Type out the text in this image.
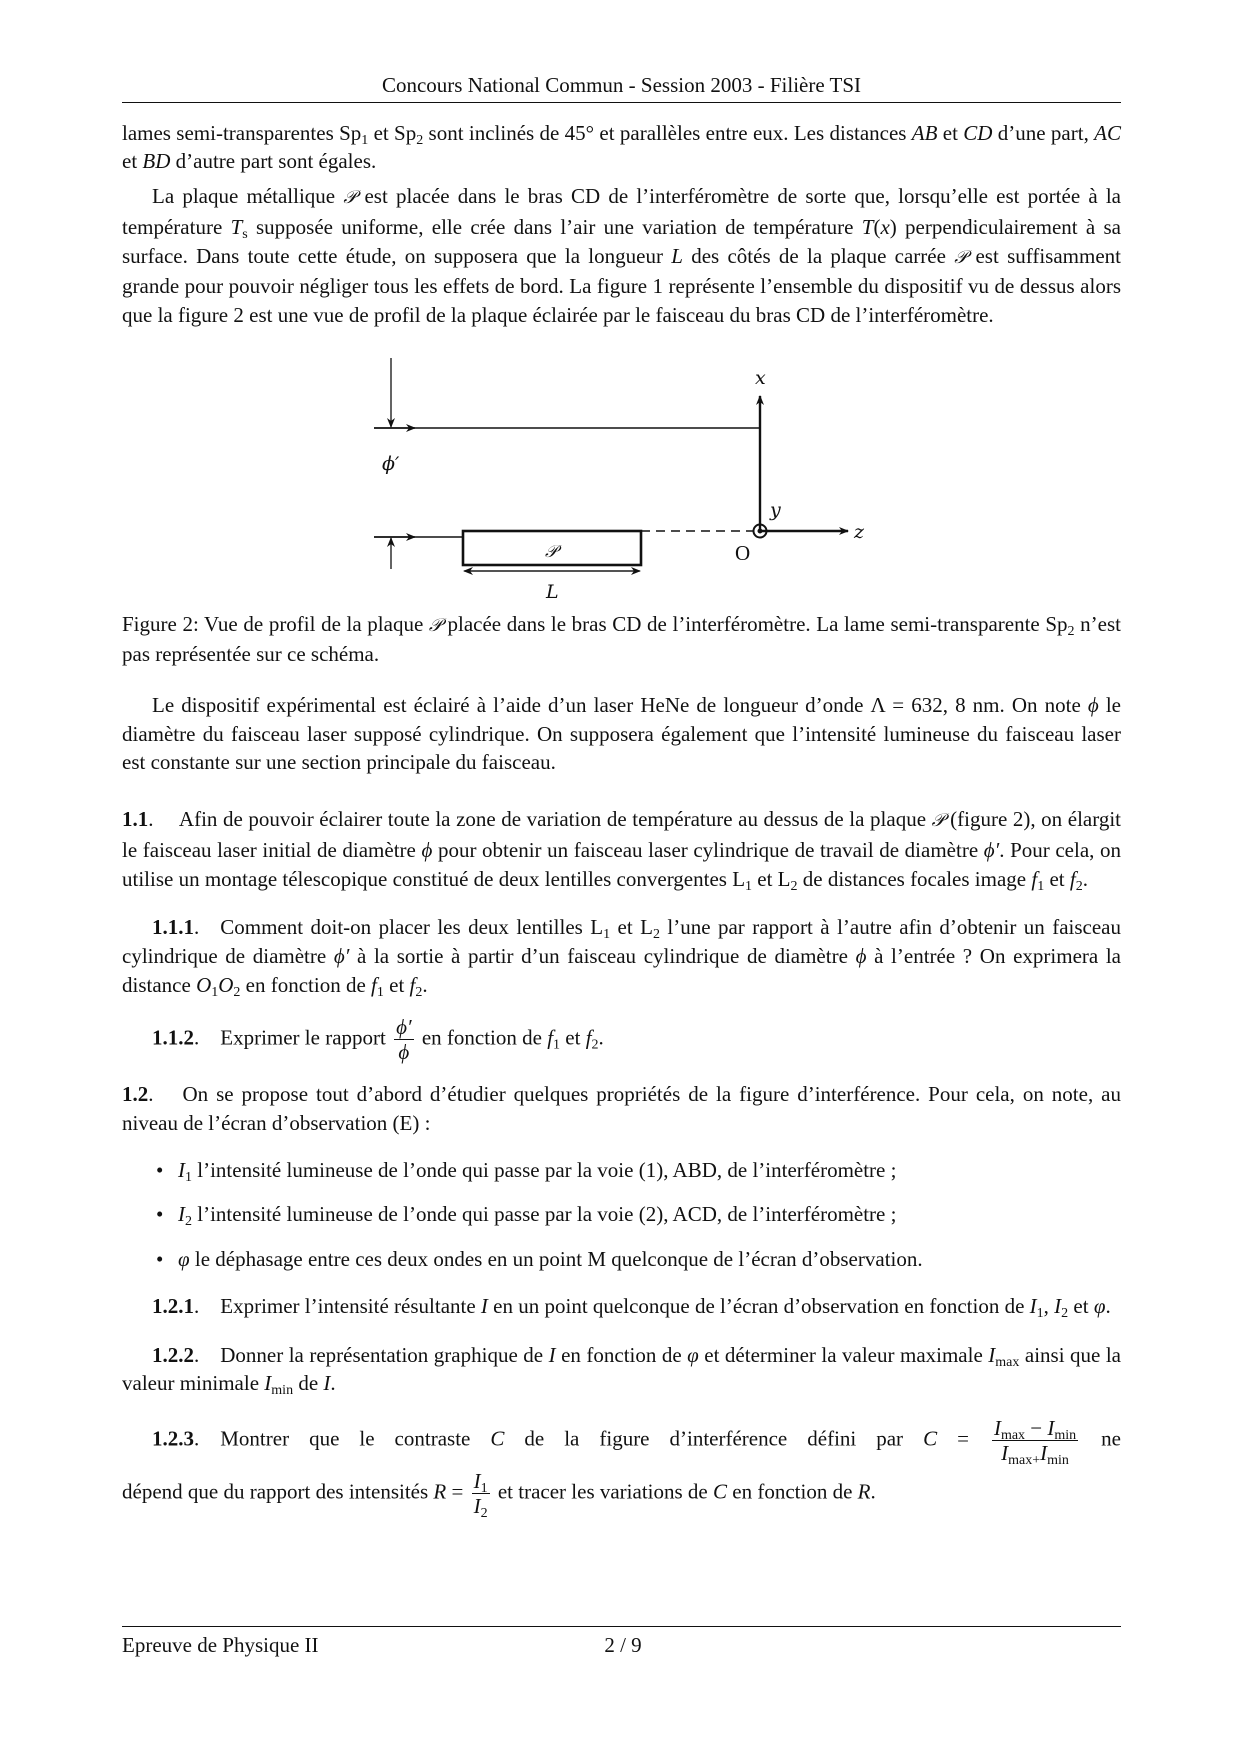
Concours National Commun - Session 2003 - Filière TSI
lames semi-transparentes $Sp_1$ et $Sp_2$ sont inclinés de 45° et parallèles entre eux. Les distances AB et CD d’une part, AC et BD d’autre part sont égales.
La plaque métallique 𝒫 est placée dans le bras CD de l’interféromètre de sorte que, lorsqu’elle est portée à la température $T_s$ supposée uniforme, elle crée dans l’air une variation de température T(x) perpendiculairement à sa surface. Dans toute cette étude, on supposera que la longueur L des côtés de la plaque carrée 𝒫 est suffisamment grande pour pouvoir négliger tous les effets de bord. La figure 1 représente l’ensemble du dispositif vu de dessus alors que la figure 2 est une vue de profil de la plaque éclairée par le faisceau du bras CD de l’interféromètre.
x
y
z
O
𝒫
L
ϕ′
Figure 2: Vue de profil de la plaque 𝒫 placée dans le bras CD de l’interféromètre. La lame semi-transparente $Sp_2$ n’est pas représentée sur ce schéma.
Le dispositif expérimental est éclairé à l’aide d’un laser HeNe de longueur d’onde Λ = 632, 8 nm. On note ϕ le diamètre du faisceau laser supposé cylindrique. On supposera également que l’intensité lumineuse du faisceau laser est constante sur une section principale du faisceau.
1.1.  Afin de pouvoir éclairer toute la zone de variation de température au dessus de la plaque 𝒫 (figure 2), on élargit le faisceau laser initial de diamètre ϕ pour obtenir un faisceau laser cylindrique de travail de diamètre ϕ′. Pour cela, on utilise un montage télescopique constitué de deux lentilles convergentes $L_1$ et $L_2$ de distances focales image $f_1$ et $f_2$.
1.1.1. Comment doit-on placer les deux lentilles $L_1$ et $L_2$ l’une par rapport à l’autre afin d’obtenir un faisceau cylindrique de diamètre ϕ′ à la sortie à partir d’un faisceau cylindrique de diamètre ϕ à l’entrée ? On exprimera la distance $O_1O_2$ en fonction de $f_1$ et $f_2$.
1.1.2. Exprimer le rapport $\frac{\phi'}{\phi}$ en fonction de $f_1$ et $f_2$.
1.2.  On se propose tout d’abord d’étudier quelques propriétés de la figure d’interférence. Pour cela, on note, au niveau de l’écran d’observation (E) :
• $I_1$ l’intensité lumineuse de l’onde qui passe par la voie (1), ABD, de l’interféromètre ;
• $I_2$ l’intensité lumineuse de l’onde qui passe par la voie (2), ACD, de l’interféromètre ;
• φ le déphasage entre ces deux ondes en un point M quelconque de l’écran d’observation.
1.2.1. Exprimer l’intensité résultante I en un point quelconque de l’écran d’observation en fonction de $I_1$, $I_2$ et φ.
1.2.2. Donner la représentation graphique de I en fonction de φ et déterminer la valeur maximale $I_{max}$ ainsi que la valeur minimale $I_{min}$ de I.
1.2.3. Montrer que le contraste C de la figure d’interférence défini par $C = \frac{I_{max} - I_{min}}{I_{max+}I_{min}}$ ne
dépend que du rapport des intensités $R = \frac{I_1}{I_2}$ et tracer les variations de C en fonction de R.
Epreuve de Physique II	2 / 9
